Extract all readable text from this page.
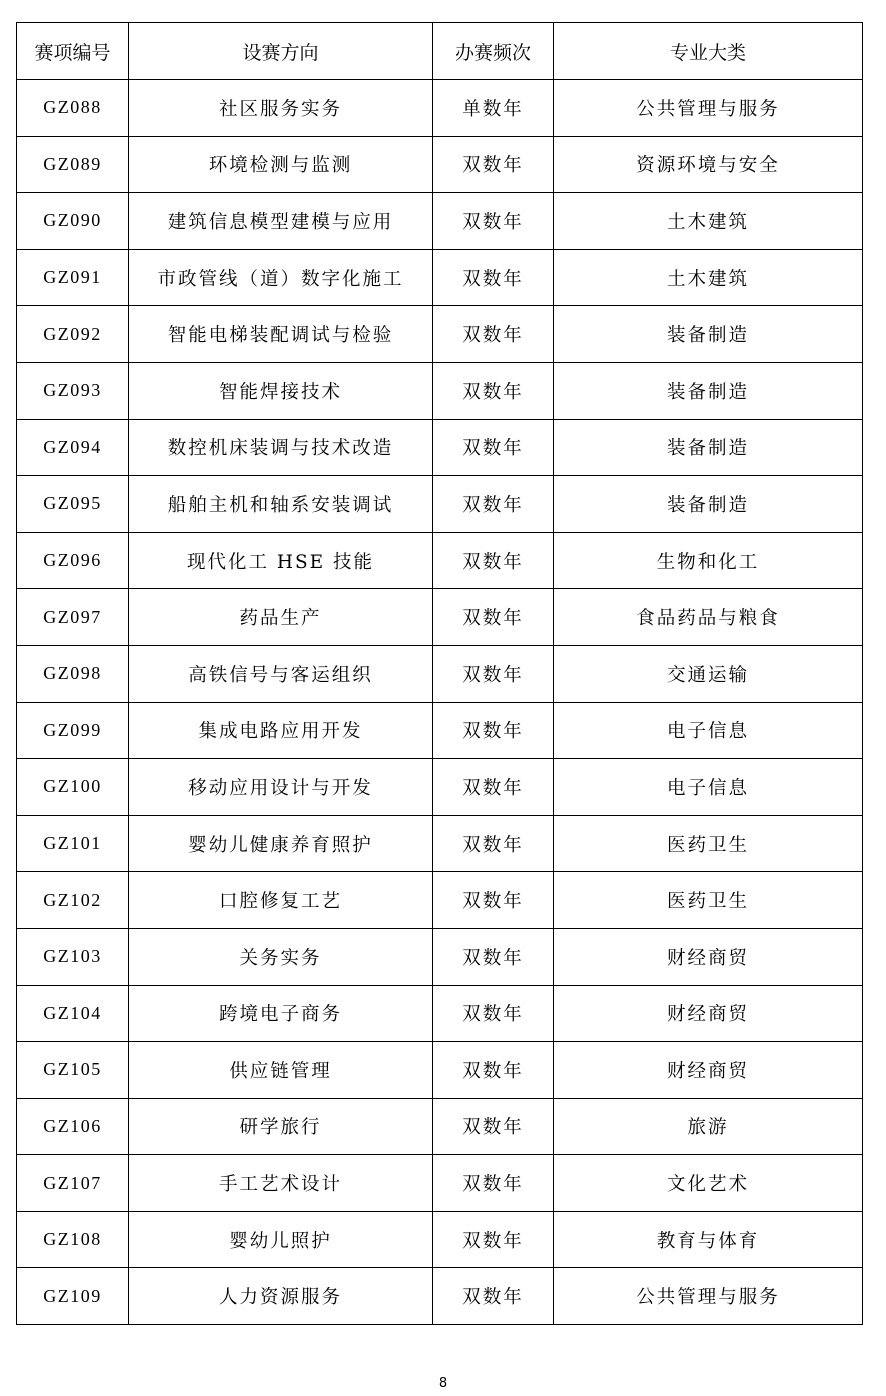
赛项编号	设赛方向	办赛频次	专业大类
GZ088	社区服务实务	单数年	公共管理与服务
GZ089	环境检测与监测	双数年	资源环境与安全
GZ090	建筑信息模型建模与应用	双数年	土木建筑
GZ091	市政管线（道）数字化施工	双数年	土木建筑
GZ092	智能电梯装配调试与检验	双数年	装备制造
GZ093	智能焊接技术	双数年	装备制造
GZ094	数控机床装调与技术改造	双数年	装备制造
GZ095	船舶主机和轴系安装调试	双数年	装备制造
GZ096	现代化工 HSE 技能	双数年	生物和化工
GZ097	药品生产	双数年	食品药品与粮食
GZ098	高铁信号与客运组织	双数年	交通运输
GZ099	集成电路应用开发	双数年	电子信息
GZ100	移动应用设计与开发	双数年	电子信息
GZ101	婴幼儿健康养育照护	双数年	医药卫生
GZ102	口腔修复工艺	双数年	医药卫生
GZ103	关务实务	双数年	财经商贸
GZ104	跨境电子商务	双数年	财经商贸
GZ105	供应链管理	双数年	财经商贸
GZ106	研学旅行	双数年	旅游
GZ107	手工艺术设计	双数年	文化艺术
GZ108	婴幼儿照护	双数年	教育与体育
GZ109	人力资源服务	双数年	公共管理与服务
8
